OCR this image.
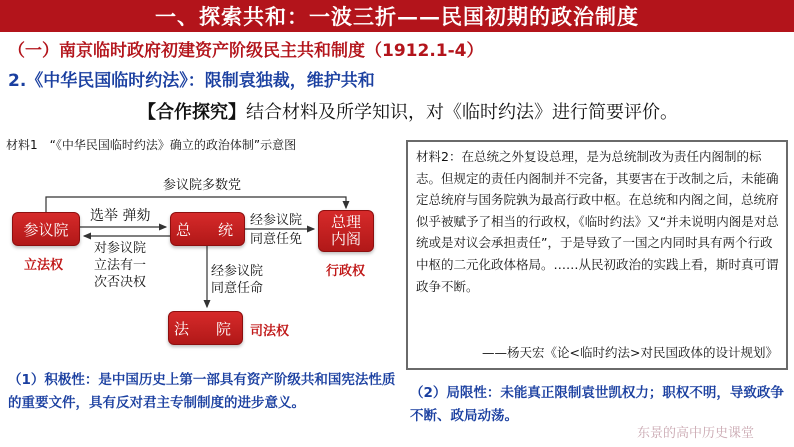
一、探索共和：一波三折——民国初期的政治制度
（一）南京临时政府初建资产阶级民主共和制度（1912.1-4）
2.《中华民国临时约法》：限制袁独裁，维护共和
【合作探究】结合材料及所学知识，对《临时约法》进行简要评价。
材料1　“《中华民国临时约法》确立的政治体制”示意图
参议院	总　统	总理
内阁
法　院
参议院多数党
选举 弹劾
对参议院
立法有一
次否决权
经参议院
同意任免
经参议院
同意任命
立法权	行政权
司法权
材料2：在总统之外复设总理，是为总统制改为责任内阁制的标志。但规定的责任内阁制并不完备，其要害在于改制之后，未能确定总统府与国务院孰为最高行政中枢。在总统和内阁之间，总统府似乎被赋予了相当的行政权，《临时约法》又“并未说明内阁是对总统或是对议会承担责任”，于是导致了一国之内同时具有两个行政中枢的二元化政体格局。……从民初政治的实践上看，斯时真可谓政争不断。
——杨天宏《论<临时约法>对民国政体的设计规划》
（1）积极性：是中国历史上第一部具有资产阶级共和国宪法性质的重要文件，具有反对君主专制制度的进步意义。
（2）局限性：未能真正限制袁世凯权力；职权不明，导致政争不断、政局动荡。
东景的高中历史课堂
